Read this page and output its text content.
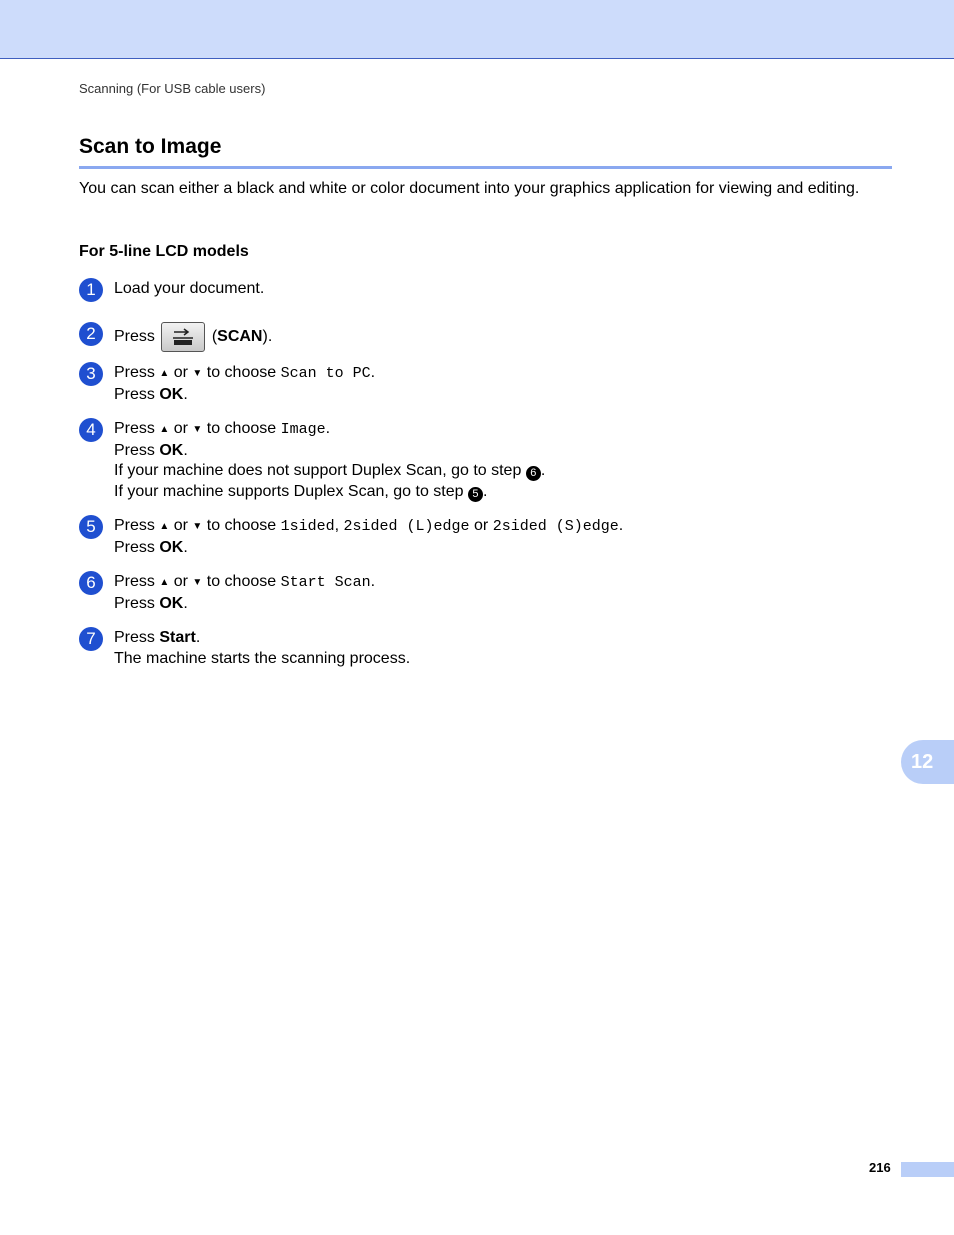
Scanning (For USB cable users)
Scan to Image

You can scan either a black and white or color document into your graphics application for viewing and editing.

For 5-line LCD models
1	Load your document.
2	Press	(SCAN).
3	Press ▲ or ▼ to choose Scan to PC.
Press OK.
4	Press ▲ or ▼ to choose Image.
Press OK.
If your machine does not support Duplex Scan, go to step 6 .
If your machine supports Duplex Scan, go to step 5 .
5	Press ▲ or ▼ to choose 1sided, 2sided (L)edge or 2sided (S)edge.
Press OK.
6	Press ▲ or ▼ to choose Start Scan.
Press OK.
7	Press Start.
The machine starts the scanning process.
12
216
